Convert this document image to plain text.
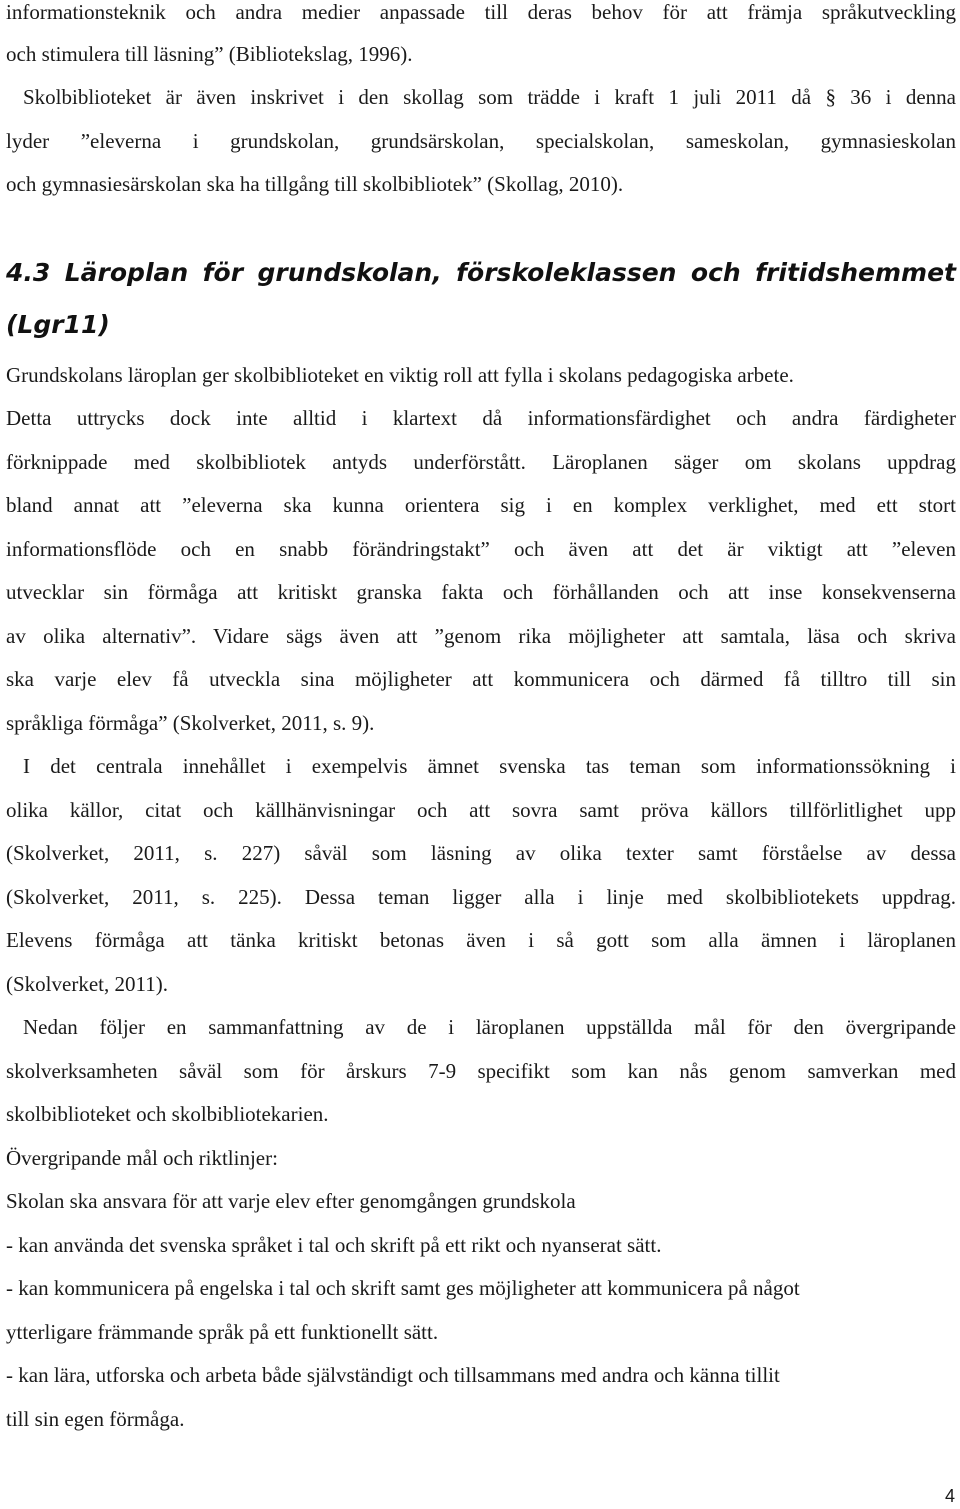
informationsteknik och andra medier anpassade till deras behov för att främja språkutveckling
och stimulera till läsning” (Bibliotekslag, 1996).
Skolbiblioteket är även inskrivet i den skollag som trädde i kraft 1 juli 2011 då § 36 i denna
lyder ”eleverna i grundskolan, grundsärskolan, specialskolan, sameskolan, gymnasieskolan
och gymnasiesärskolan ska ha tillgång till skolbibliotek” (Skollag, 2010).
4.3 Läroplan för grundskolan, förskoleklassen och fritidshemmet
(Lgr11)
Grundskolans läroplan ger skolbiblioteket en viktig roll att fylla i skolans pedagogiska arbete.
Detta uttrycks dock inte alltid i klartext då informationsfärdighet och andra färdigheter
förknippade med skolbibliotek antyds underförstått. Läroplanen säger om skolans uppdrag
bland annat att ”eleverna ska kunna orientera sig i en komplex verklighet, med ett stort
informationsflöde och en snabb förändringstakt” och även att det är viktigt att ”eleven
utvecklar sin förmåga att kritiskt granska fakta och förhållanden och att inse konsekvenserna
av olika alternativ”. Vidare sägs även att ”genom rika möjligheter att samtala, läsa och skriva
ska varje elev få utveckla sina möjligheter att kommunicera och därmed få tilltro till sin
språkliga förmåga” (Skolverket, 2011, s. 9).
I det centrala innehållet i exempelvis ämnet svenska tas teman som informationssökning i
olika källor, citat och källhänvisningar och att sovra samt pröva källors tillförlitlighet upp
(Skolverket, 2011, s. 227) såväl som läsning av olika texter samt förståelse av dessa
(Skolverket, 2011, s. 225). Dessa teman ligger alla i linje med skolbibliotekets uppdrag.
Elevens förmåga att tänka kritiskt betonas även i så gott som alla ämnen i läroplanen
(Skolverket, 2011).
Nedan följer en sammanfattning av de i läroplanen uppställda mål för den övergripande
skolverksamheten såväl som för årskurs 7-9 specifikt som kan nås genom samverkan med
skolbiblioteket och skolbibliotekarien.
Övergripande mål och riktlinjer:
Skolan ska ansvara för att varje elev efter genomgången grundskola
- kan använda det svenska språket i tal och skrift på ett rikt och nyanserat sätt.
- kan kommunicera på engelska i tal och skrift samt ges möjligheter att kommunicera på något
ytterligare främmande språk på ett funktionellt sätt.
- kan lära, utforska och arbeta både självständigt och tillsammans med andra och känna tillit
till sin egen förmåga.
4
